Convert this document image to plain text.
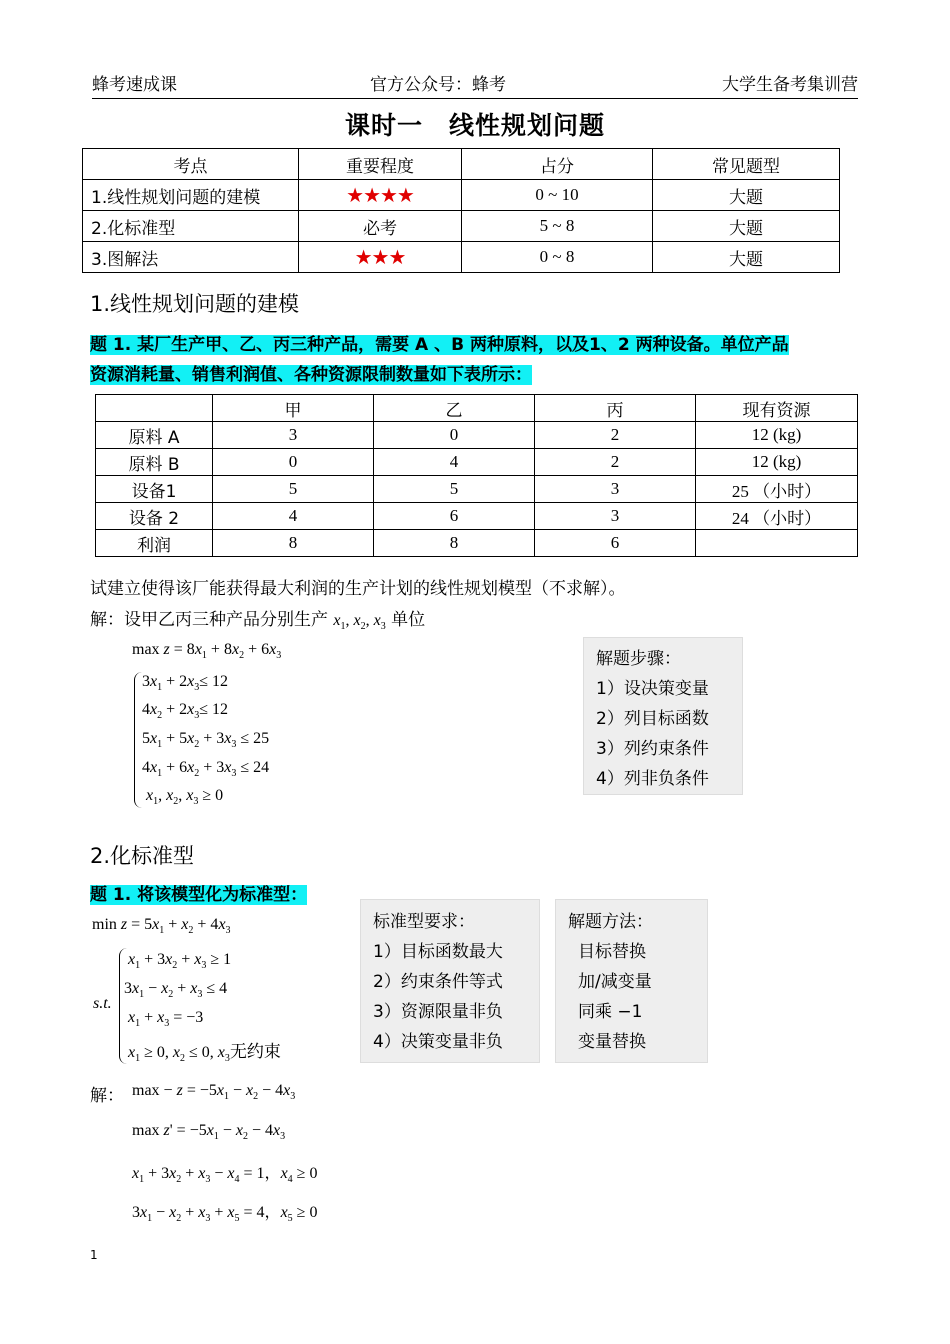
蜂考速成课	官方公众号：蜂考	大学生备考集训营
课时一　线性规划问题
考点	重要程度	占分	常见题型
1.线性规划问题的建模	★★★★	0 ~ 10	大题
2.化标准型	必考	5 ~ 8	大题
3.图解法	★★★	0 ~ 8	大题
1.线性规划问题的建模
题 1. 某厂生产甲、乙、丙三种产品，需要 A 、B 两种原料，以及1、2 两种设备。单位产品
资源消耗量、销售利润值、各种资源限制数量如下表所示：
	甲	乙	丙	现有资源
原料 A	3	0	2	12 (kg)
原料 B	0	4	2	12 (kg)
设备1	5	5	3	25 （小时）
设备 2	4	6	3	24 （小时）
利润	8	8	6	
试建立使得该厂能获得最大利润的生产计划的线性规划模型（不求解）。
解：设甲乙丙三种产品分别生产 $x_1$, $x_2$, $x_3$ 单位
$\max z = 8x_1 + 8x_2 + 6x_3$
$3x_1 + 2x_3\le 12$
$4x_2 + 2x_3\le 12$
$5x_1 + 5x_2 + 3x_3 \le 25$
$4x_1 + 6x_2 + 3x_3 \le 24$
$x_1$, $x_2$, $x_3 \ge 0$
解题步骤：
1）设决策变量
2）列目标函数
3）列约束条件
4）列非负条件
2.化标准型
题 1. 将该模型化为标准型：
$\min z = 5x_1 + x_2 + 4x_3$
s.t.
$x_1 + 3x_2 + x_3 \ge 1$
$3x_1 - x_2 + x_3 \le 4$
$x_1 + x_3 = -3$
$x_1 \ge 0$, $x_2 \le 0$, $x_3$无约束
标准型要求：
1）目标函数最大
2）约束条件等式
3）资源限量非负
4）决策变量非负
解题方法：
目标替换
加/减变量
同乘 −1
变量替换
解： $\max - z = -5x_1 - x_2 - 4x_3$
$\max z' = -5x_1 - x_2 - 4x_3$
$x_1 + 3x_2 + x_3 - x_4 = 1$，$x_4 \ge 0$
$3x_1 - x_2 + x_3 + x_5 = 4$，$x_5 \ge 0$
1
